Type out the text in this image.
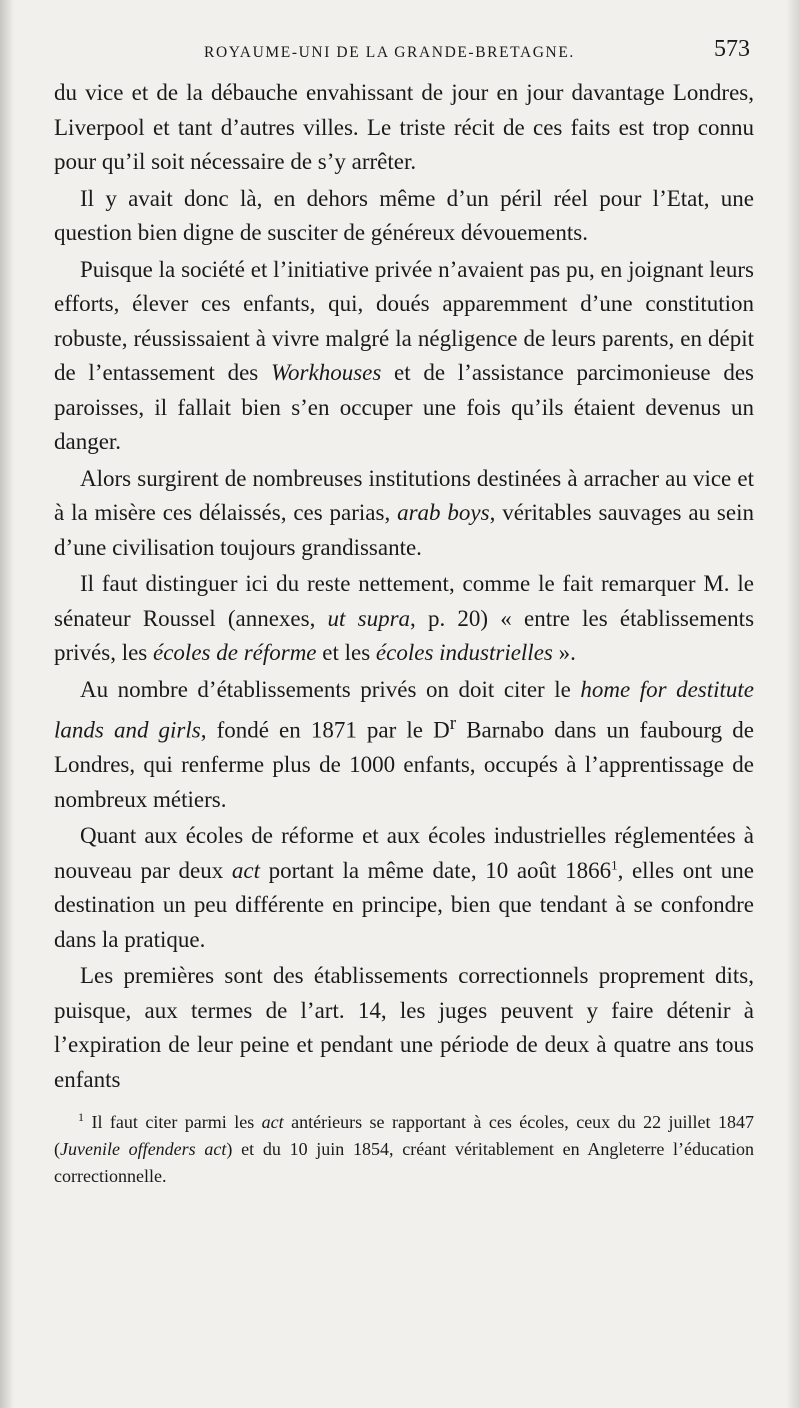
ROYAUME-UNI DE LA GRANDE-BRETAGNE.	573

du vice et de la débauche envahissant de jour en jour davantage Londres, Liverpool et tant d’autres villes. Le triste récit de ces faits est trop connu pour qu’il soit nécessaire de s’y arrêter.

Il y avait donc là, en dehors même d’un péril réel pour l’Etat, une question bien digne de susciter de généreux dévouements.

Puisque la société et l’initiative privée n’avaient pas pu, en joignant leurs efforts, élever ces enfants, qui, doués apparemment d’une constitution robuste, réussissaient à vivre malgré la négligence de leurs parents, en dépit de l’entassement des Workhouses et de l’assistance parcimonieuse des paroisses, il fallait bien s’en occuper une fois qu’ils étaient devenus un danger.

Alors surgirent de nombreuses institutions destinées à arracher au vice et à la misère ces délaissés, ces parias, arab boys, véritables sauvages au sein d’une civilisation toujours grandissante.

Il faut distinguer ici du reste nettement, comme le fait remarquer M. le sénateur Roussel (annexes, ut supra, p. 20) « entre les établissements privés, les écoles de réforme et les écoles industrielles ».

Au nombre d’établissements privés on doit citer le home for destitute lands and girls, fondé en 1871 par le $D^r$ Barnabo dans un faubourg de Londres, qui renferme plus de 1000 enfants, occupés à l’apprentissage de nombreux métiers.

Quant aux écoles de réforme et aux écoles industrielles réglementées à nouveau par deux act portant la même date, 10 août 1866$^1$, elles ont une destination un peu différente en principe, bien que tendant à se confondre dans la pratique.

Les premières sont des établissements correctionnels proprement dits, puisque, aux termes de l’art. 14, les juges peuvent y faire détenir à l’expiration de leur peine et pendant une période de deux à quatre ans tous enfants

$^1$ Il faut citer parmi les act antérieurs se rapportant à ces écoles, ceux du 22 juillet 1847 (Juvenile offenders act) et du 10 juin 1854, créant véritablement en Angleterre l’éducation correctionnelle.
